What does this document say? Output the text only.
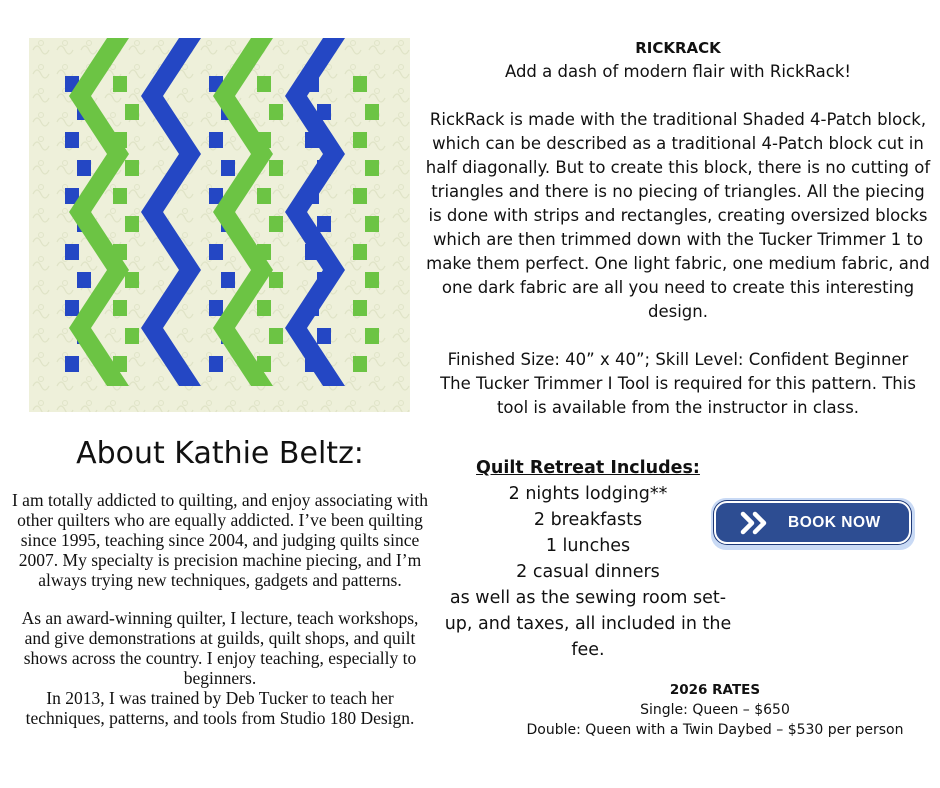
RICKRACK

Add a dash of modern flair with RickRack!

RickRack is made with the traditional Shaded 4-Patch block, which can be described as a traditional 4-Patch block cut in half diagonally. But to create this block, there is no cutting of triangles and there is no piecing of triangles. All the piecing is done with strips and rectangles, creating oversized blocks which are then trimmed down with the Tucker Trimmer 1 to make them perfect. One light fabric, one medium fabric, and one dark fabric are all you need to create this interesting design.

Finished Size: 40” x 40”; Skill Level: Confident Beginner

The Tucker Trimmer I Tool is required for this pattern. This tool is available from the instructor in class.

About Kathie Beltz:

I am totally addicted to quilting, and enjoy associating with other quilters who are equally addicted. I’ve been quilting since 1995, teaching since 2004, and judging quilts since 2007. My specialty is precision machine piecing, and I’m always trying new techniques, gadgets and patterns.

As an award-winning quilter, I lecture, teach workshops, and give demonstrations at guilds, quilt shops, and quilt shows across the country. I enjoy teaching, especially to beginners.

In 2013, I was trained by Deb Tucker to teach her techniques, patterns, and tools from Studio 180 Design.

Quilt Retreat Includes:
2 nights lodging**
2 breakfasts
1 lunches
2 casual dinners
as well as the sewing room set-up, and taxes, all included in the fee.
BOOK NOW
2026 RATES
Single: Queen – $650
Double: Queen with a Twin Daybed – $530 per person
